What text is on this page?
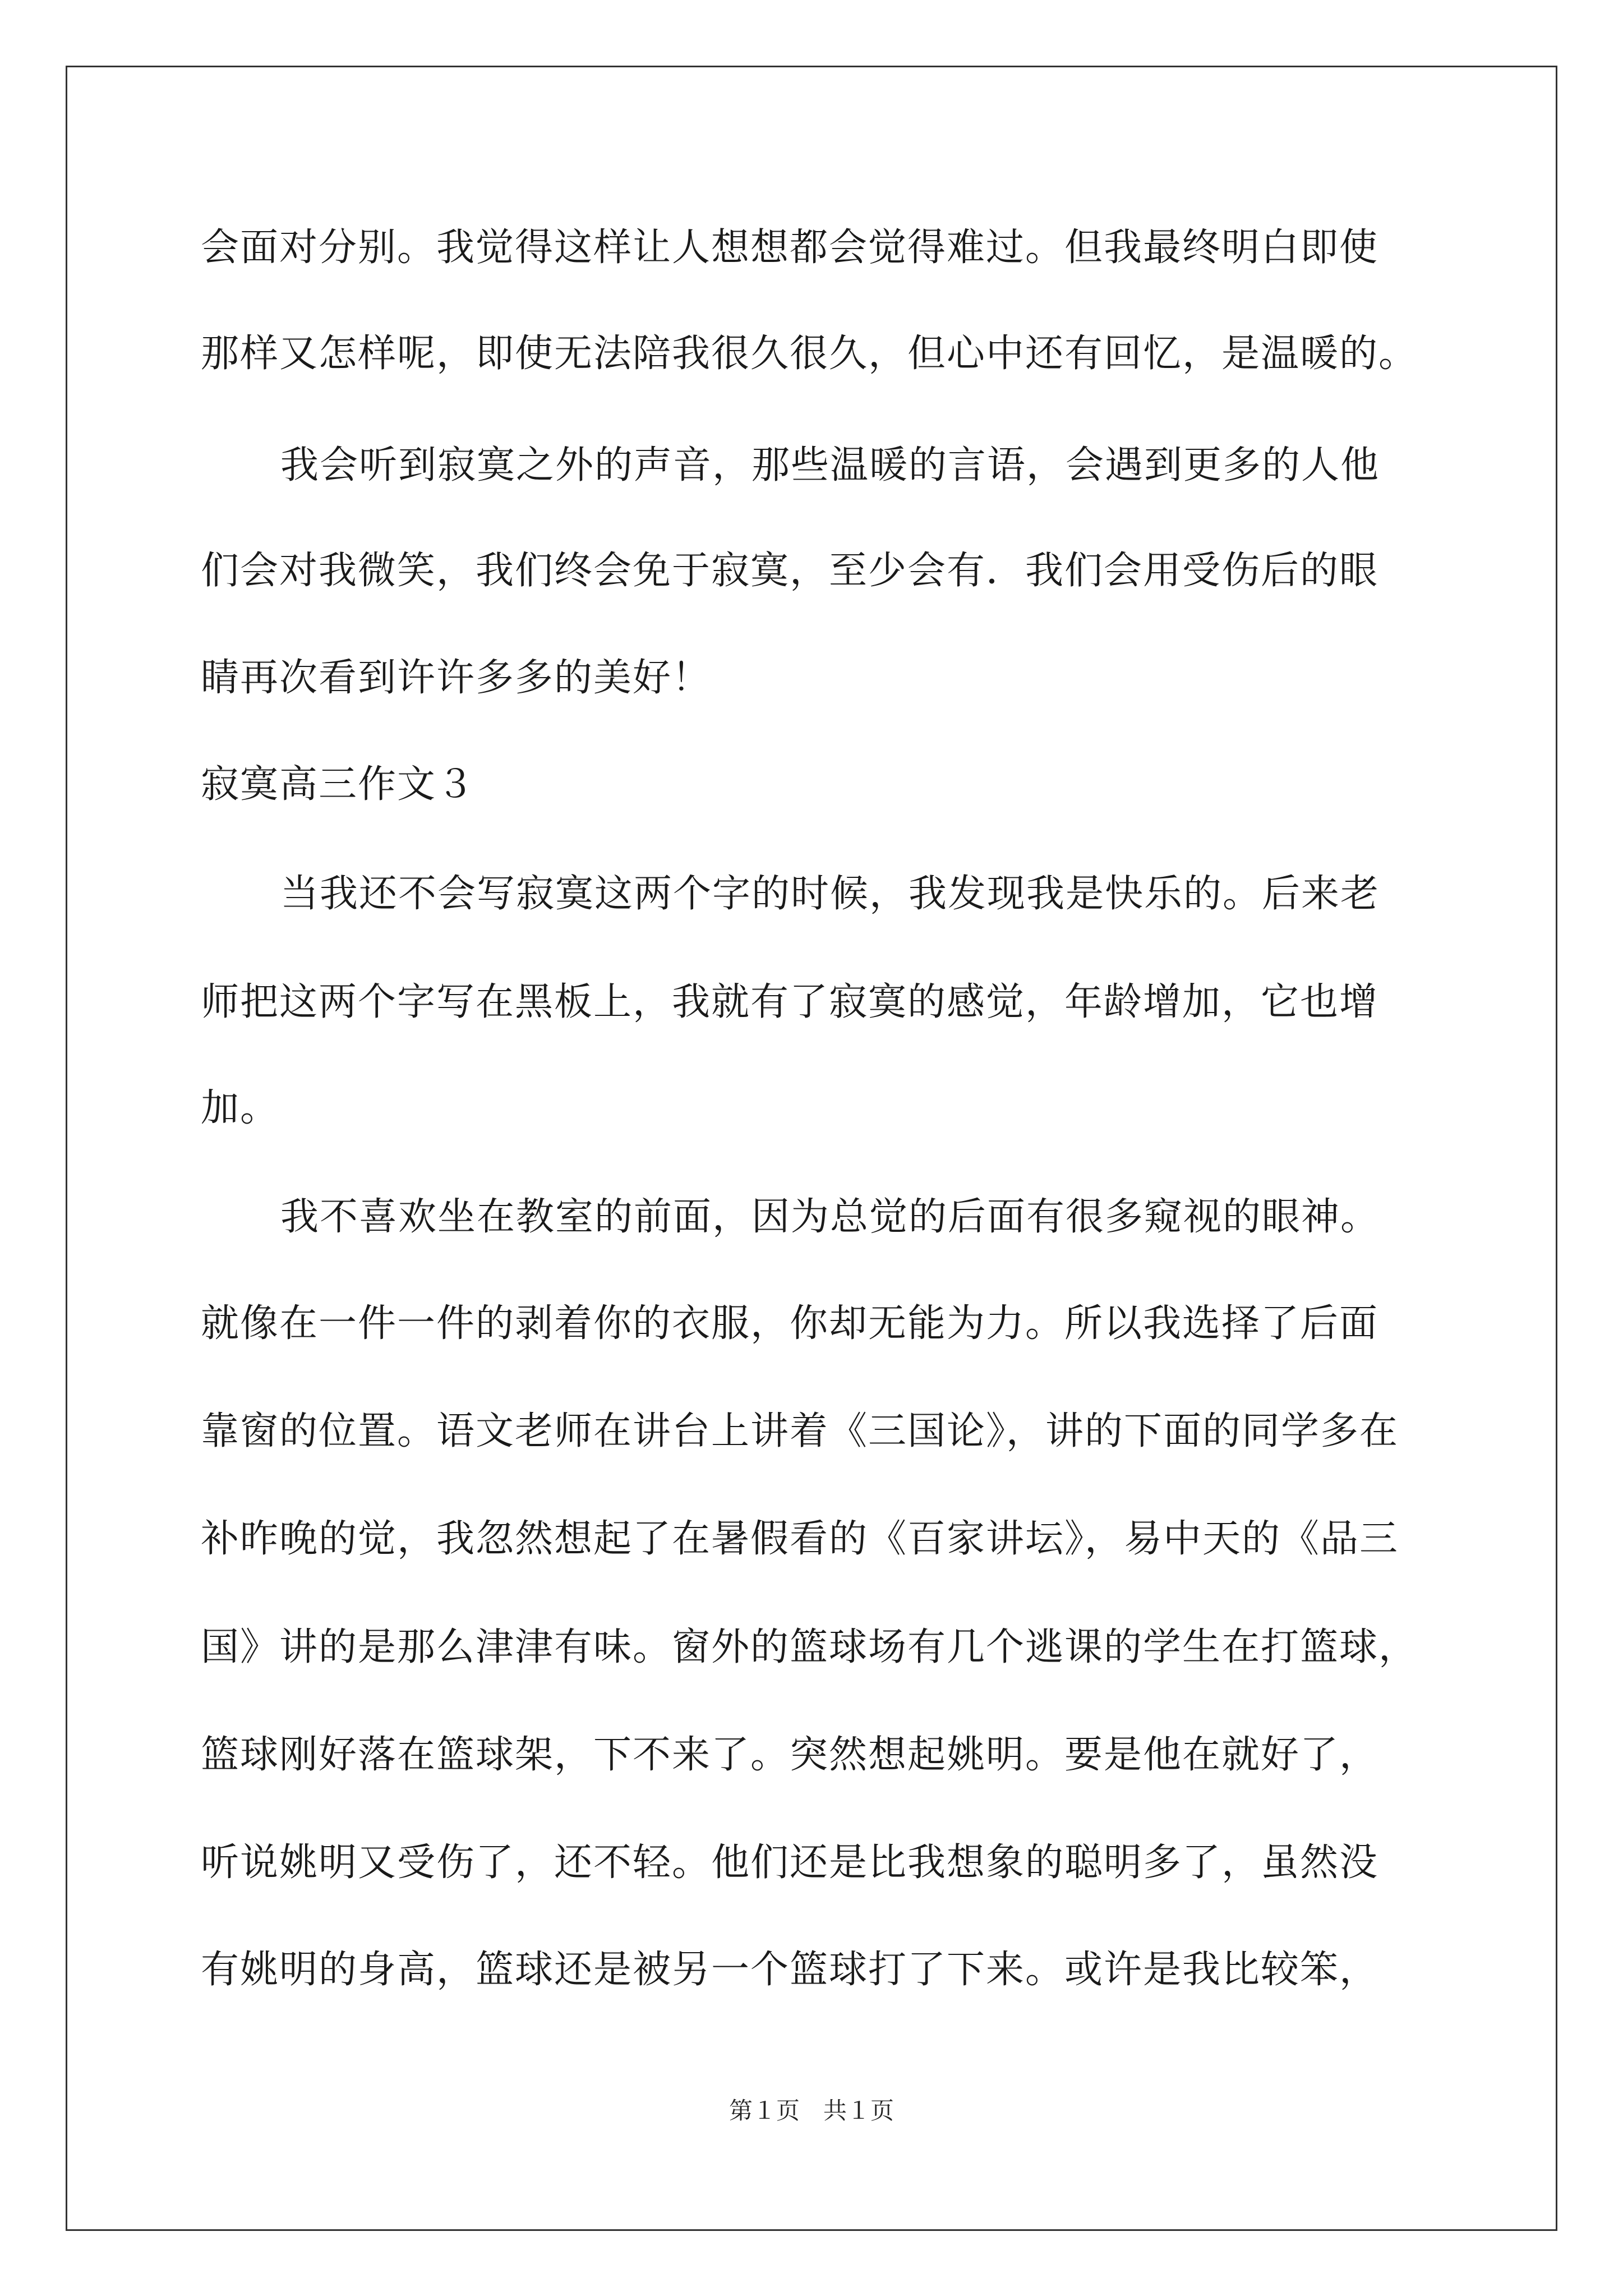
会面对分别。我觉得这样让人想想都会觉得难过。但我最终明白即使
那样又怎样呢，即使无法陪我很久很久，但心中还有回忆，是温暖的。
我会听到寂寞之外的声音，那些温暖的言语，会遇到更多的人他
们会对我微笑，我们终会免于寂寞，至少会有．我们会用受伤后的眼
睛再次看到许许多多的美好！
寂寞高三作文３
当我还不会写寂寞这两个字的时候，我发现我是快乐的。后来老
师把这两个字写在黑板上，我就有了寂寞的感觉，年龄增加，它也增
加。
我不喜欢坐在教室的前面，因为总觉的后面有很多窥视的眼神。
就像在一件一件的剥着你的衣服，你却无能为力。所以我选择了后面
靠窗的位置。语文老师在讲台上讲着《三国论》，讲的下面的同学多在
补昨晚的觉，我忽然想起了在暑假看的《百家讲坛》，易中天的《品三
国》讲的是那么津津有味。窗外的篮球场有几个逃课的学生在打篮球，
篮球刚好落在篮球架，下不来了。突然想起姚明。要是他在就好了，
听说姚明又受伤了，还不轻。他们还是比我想象的聪明多了，虽然没
有姚明的身高，篮球还是被另一个篮球打了下来。或许是我比较笨，
第１页　共１页
